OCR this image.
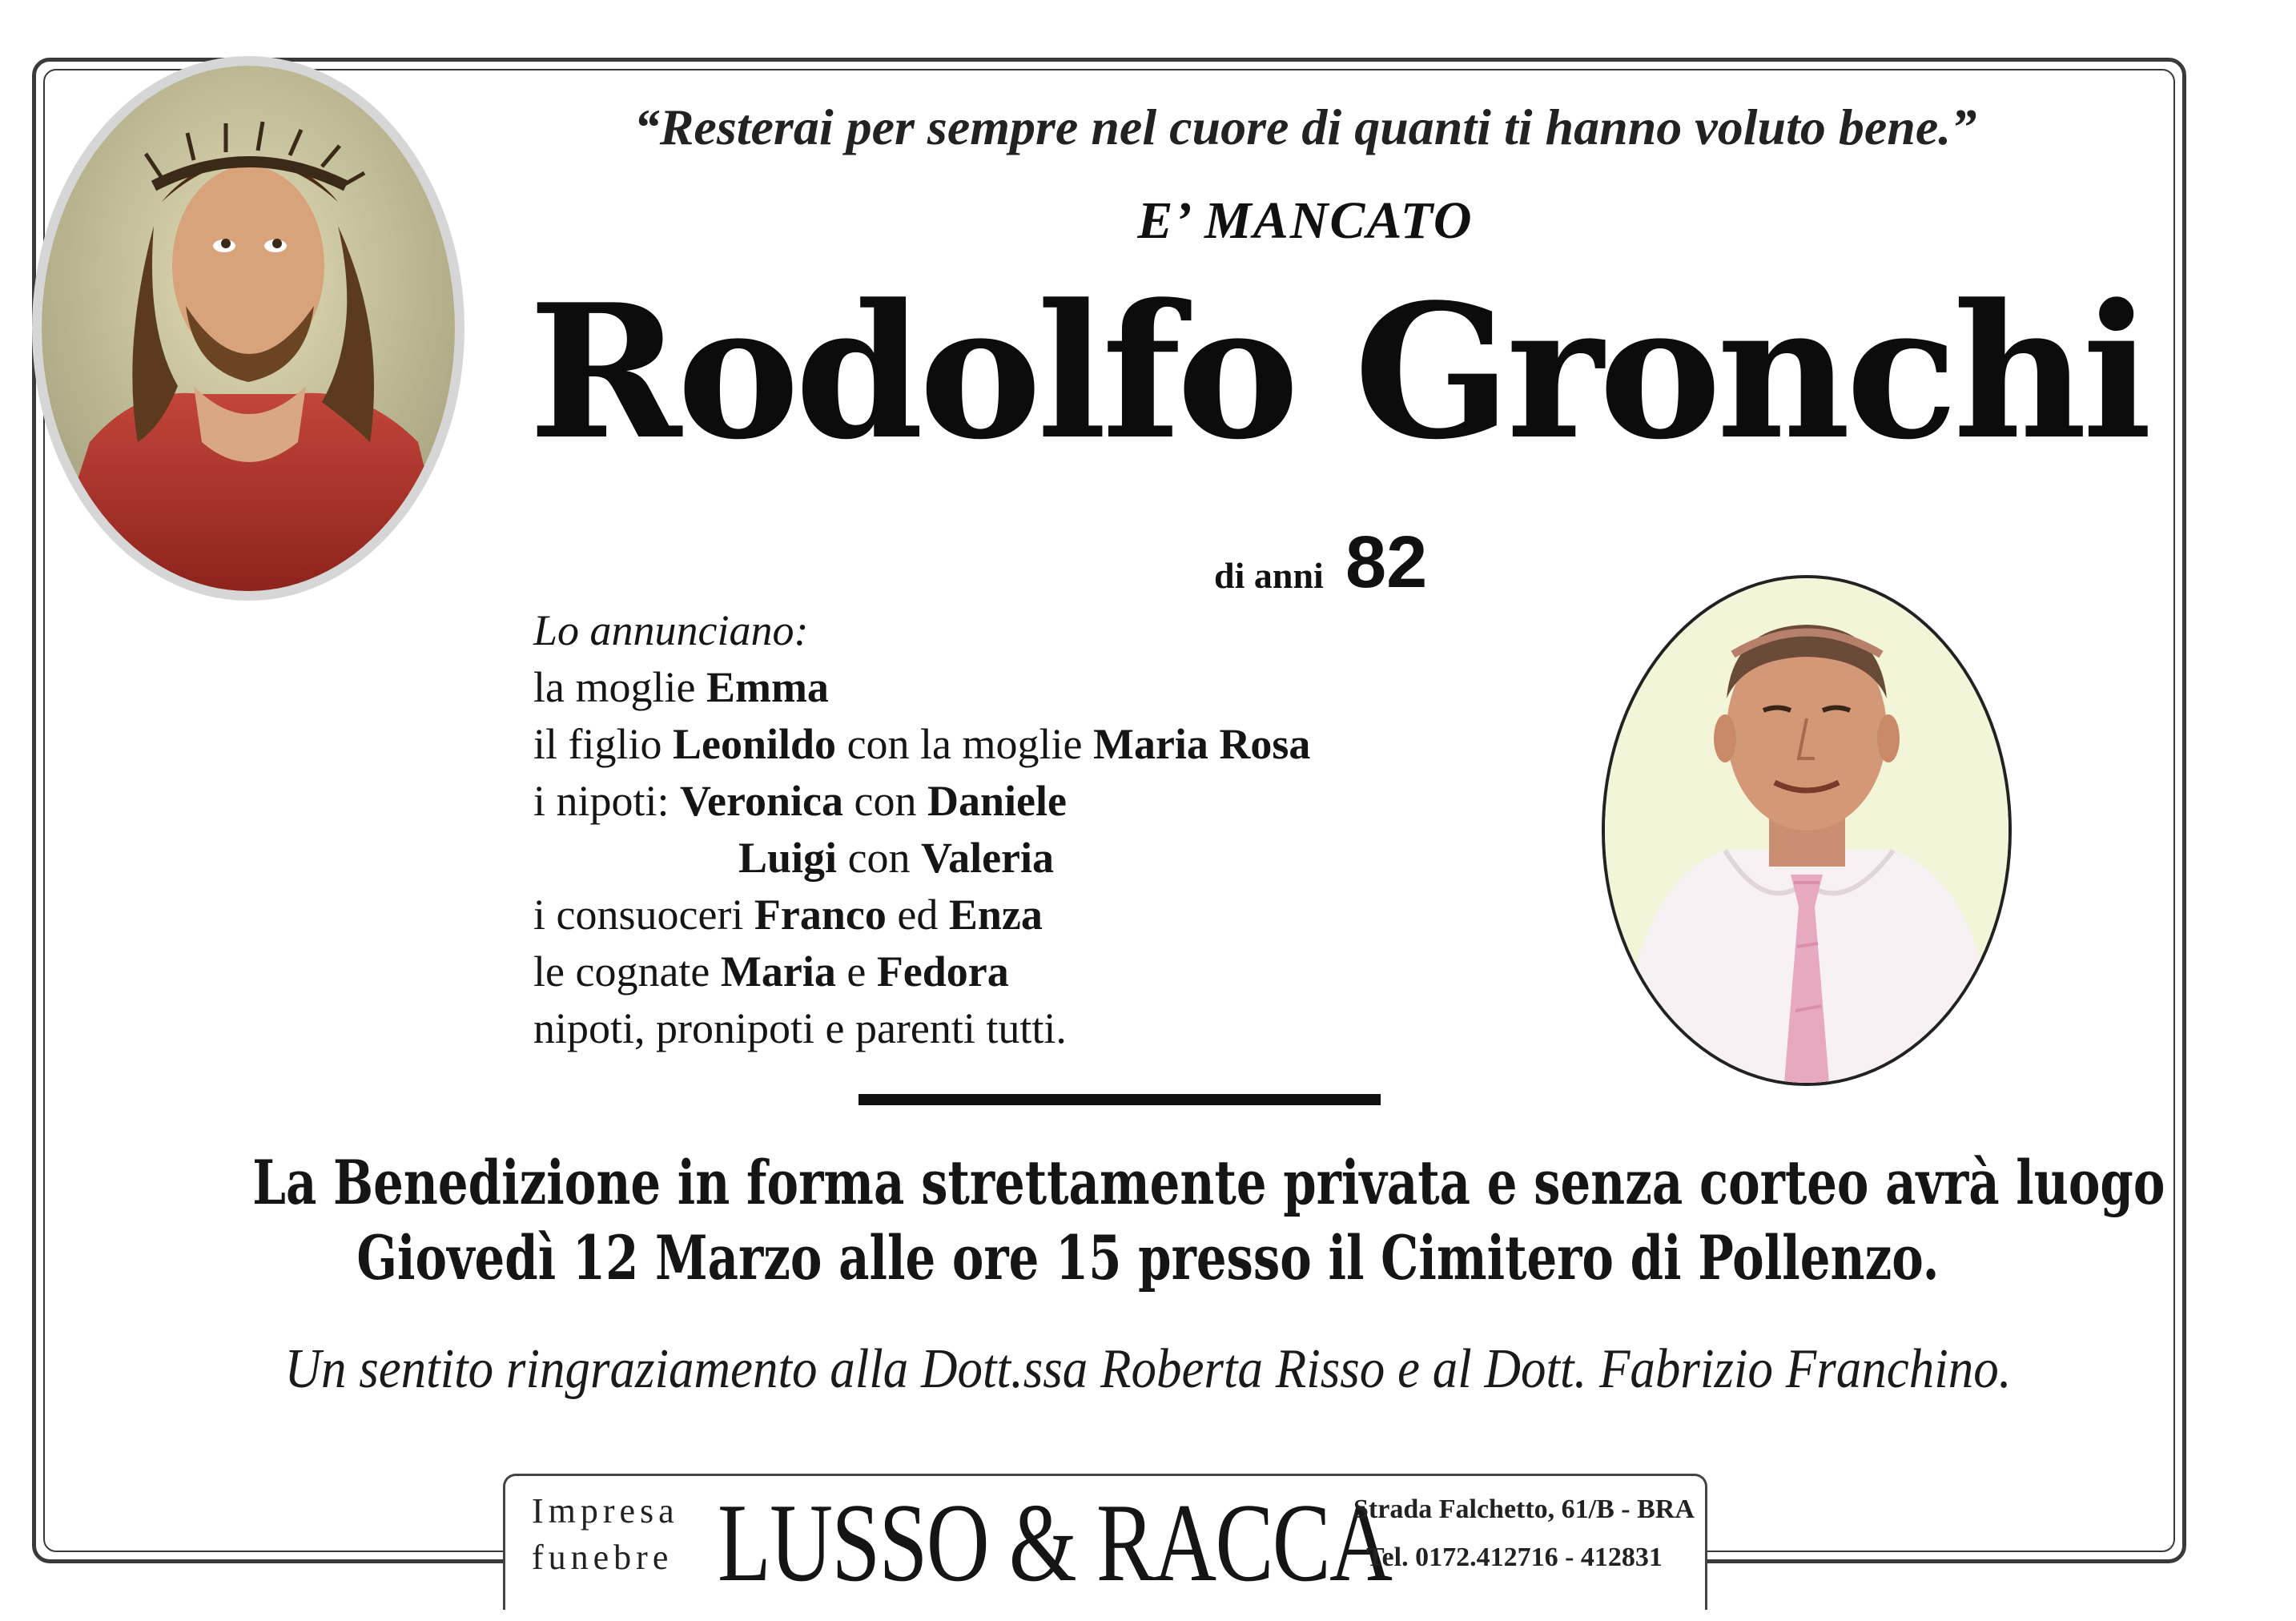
“Resterai per sempre nel cuore di quanti ti hanno voluto bene.”
E’ MANCATO
Rodolfo Gronchi
di anni 82
Lo annunciano:
la moglie Emma
il figlio Leonildo con la moglie Maria Rosa
i nipoti: Veronica con Daniele
Luigi con Valeria
i consuoceri Franco ed Enza
le cognate Maria e Fedora
nipoti, pronipoti e parenti tutti.
La Benedizione in forma strettamente privata e senza corteo avrà luogo
Giovedì 12 Marzo alle ore 15 presso il Cimitero di Pollenzo.
Un sentito ringraziamento alla Dott.ssa Roberta Risso e al Dott. Fabrizio Franchino.
Impresa
funebre LUSSO & RACCA
Strada Falchetto, 61/B - BRA
Tel. 0172.412716 - 412831
